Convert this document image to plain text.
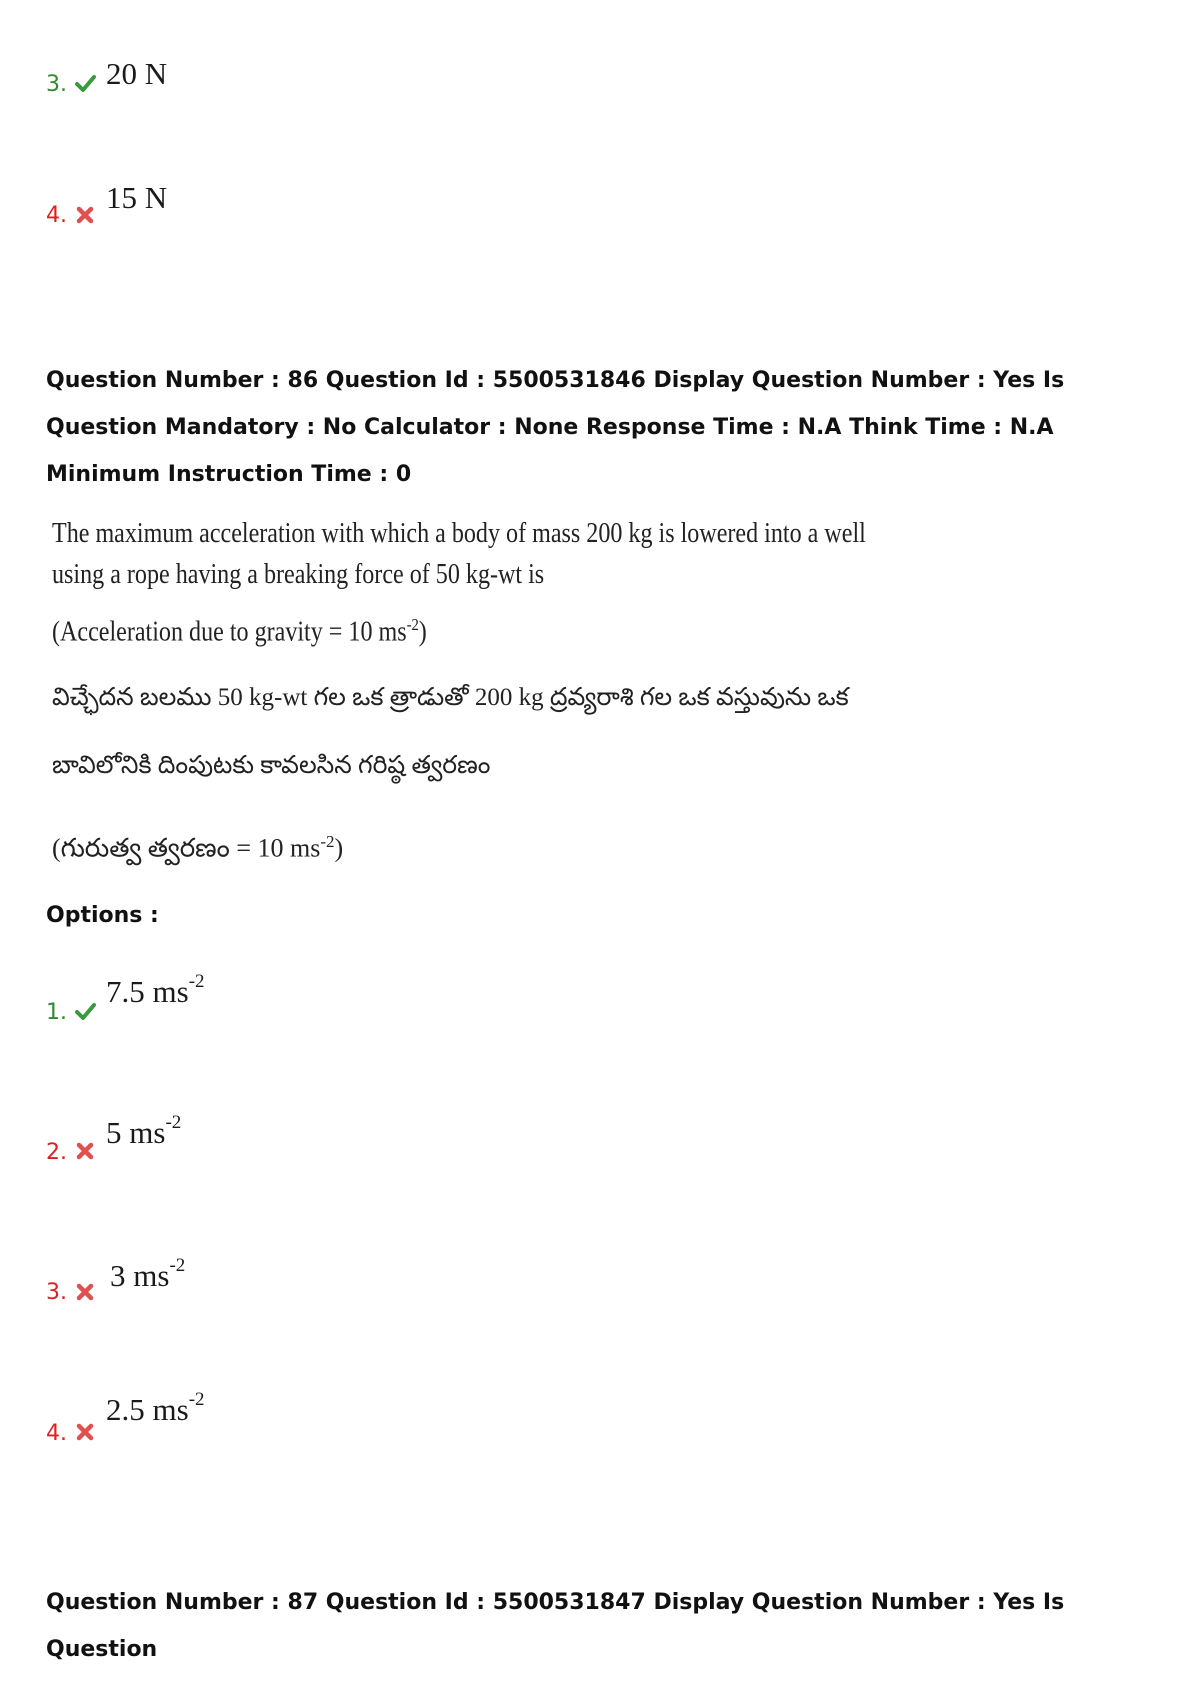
3. 20 N
4.
15 N
Question Number : 86 Question Id : 5500531846 Display Question Number : Yes Is Question Mandatory : No Calculator : None Response Time : N.A Think Time : N.A Minimum Instruction Time : 0
The maximum acceleration with which a body of mass 200 kg is lowered into a well
using a rope having a breaking force of 50 kg-wt is
(Acceleration due to gravity = 10 $ms^{-2}$)
విచ్ఛేదన బలము 50 kg-wt గల ఒక త్రాడుతో 200 kg ద్రవ్యరాశి గల ఒక వస్తువును ఒక
బావిలోనికి దింపుటకు కావలసిన గరిష్ఠ త్వరణం
(గురుత్వ త్వరణం = 10 $ms^{-2}$)
Options :
1.
7.5 $ms^{-2}$
2.
5 $ms^{-2}$
3. 3 $ms^{-2}$
4.
2.5 $ms^{-2}$
Question Number : 87 Question Id : 5500531847 Display Question Number : Yes Is Question
